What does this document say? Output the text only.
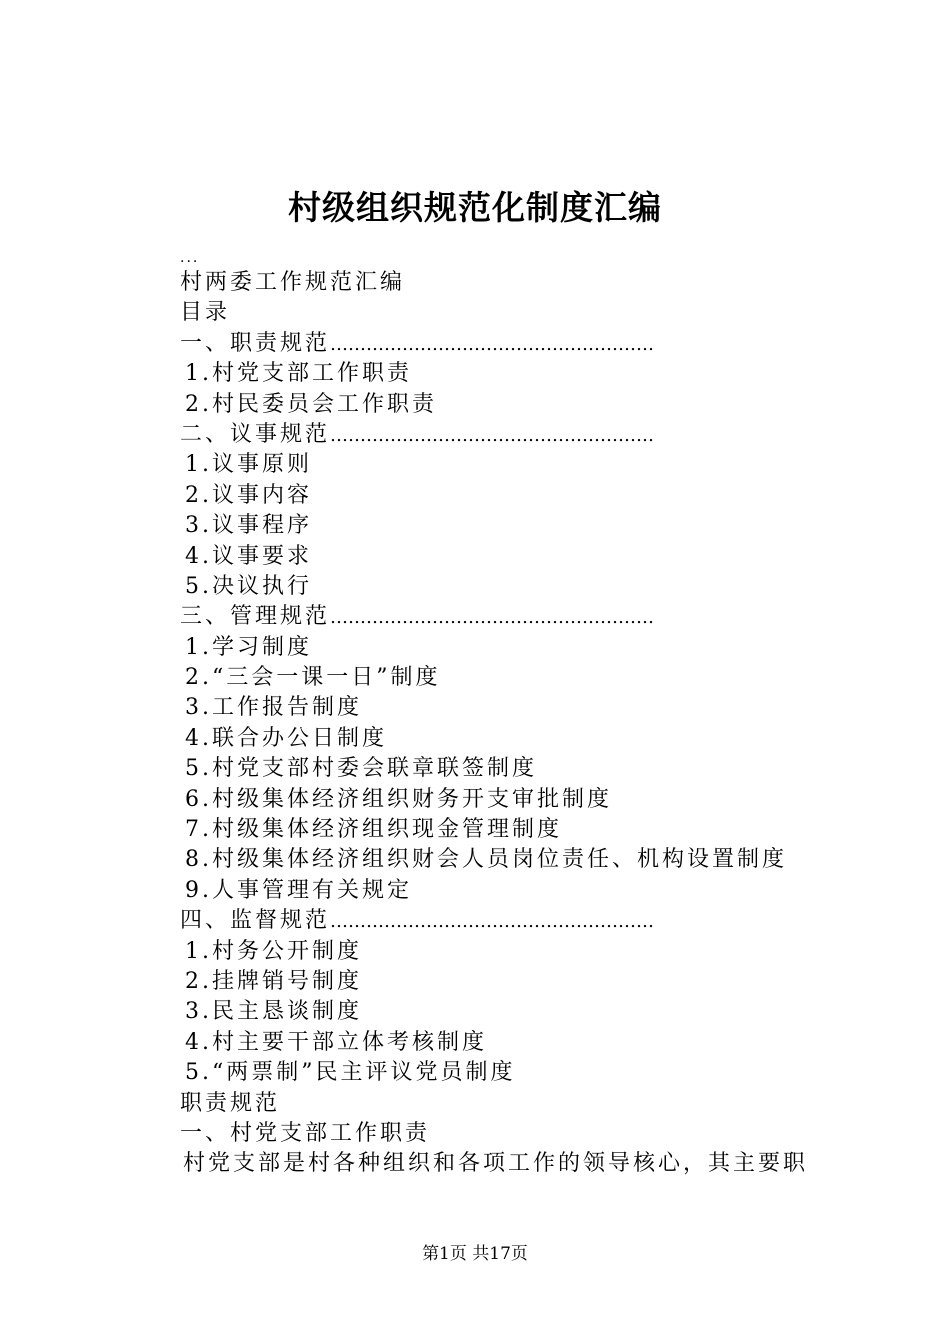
村级组织规范化制度汇编
...
村两委工作规范汇编
目录
一、职责规范………………………………………………
1.村党支部工作职责
2.村民委员会工作职责
二、议事规范………………………………………………
1.议事原则
2.议事内容
3.议事程序
4.议事要求
5.决议执行
三、管理规范………………………………………………
1.学习制度
2.“三会一课一日”制度
3.工作报告制度
4.联合办公日制度
5.村党支部村委会联章联签制度
6.村级集体经济组织财务开支审批制度
7.村级集体经济组织现金管理制度
8.村级集体经济组织财会人员岗位责任、机构设置制度
9.人事管理有关规定
四、监督规范………………………………………………
1.村务公开制度
2.挂牌销号制度
3.民主恳谈制度
4.村主要干部立体考核制度
5.“两票制”民主评议党员制度
职责规范
一、村党支部工作职责
村党支部是村各种组织和各项工作的领导核心，其主要职
第1页 共17页
